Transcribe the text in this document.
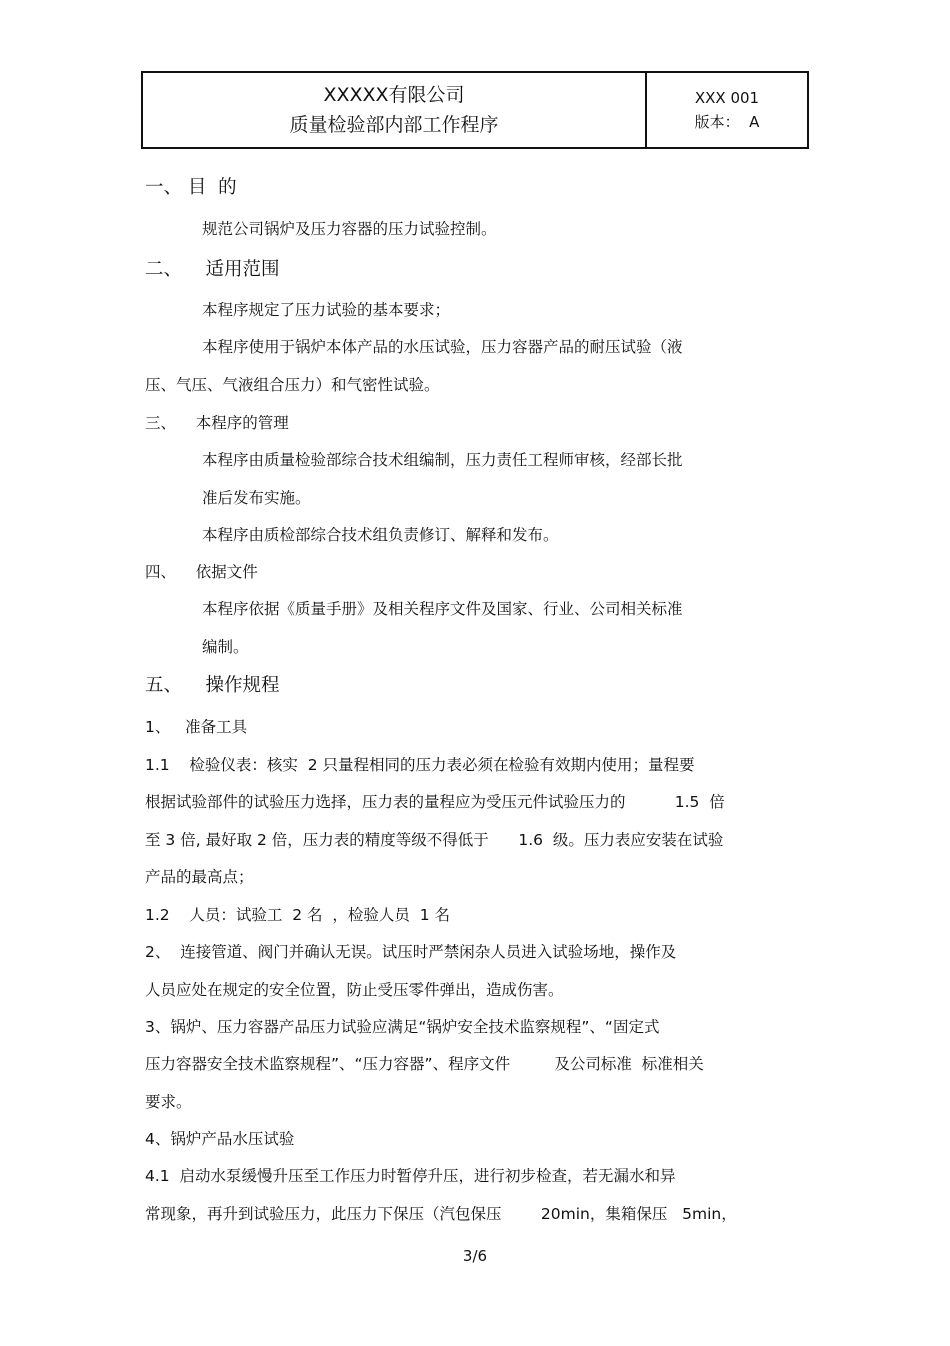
XXXXX有限公司
质量检验部内部工作程序
XXX 001
版本： A
一、 目  的
规范公司锅炉及压力容器的压力试验控制。
二、    适用范围
本程序规定了压力试验的基本要求；
本程序使用于锅炉本体产品的水压试验，压力容器产品的耐压试验（液
压、气压、气液组合压力）和气密性试验。
三、    本程序的管理
本程序由质量检验部综合技术组编制，压力责任工程师审核，经部长批
准后发布实施。
本程序由质检部综合技术组负责修订、解释和发布。
四、    依据文件
本程序依据《质量手册》及相关程序文件及国家、行业、公司相关标准
编制。
五、    操作规程
1、   准备工具
1.1    检验仪表：核实  2 只量程相同的压力表必须在检验有效期内使用；量程要
根据试验部件的试验压力选择，压力表的量程应为受压元件试验压力的          1.5  倍
至 3 倍, 最好取 2 倍，压力表的精度等级不得低于      1.6  级。压力表应安装在试验
产品的最高点；
1.2    人员：试验工  2 名  ，检验人员  1 名
2、  连接管道、阀门并确认无误。试压时严禁闲杂人员进入试验场地，操作及
人员应处在规定的安全位置，防止受压零件弹出，造成伤害。
3、锅炉、压力容器产品压力试验应满足“锅炉安全技术监察规程”、“固定式
压力容器安全技术监察规程”、“压力容器”、程序文件         及公司标准  标准相关
要求。
4、锅炉产品水压试验
4.1  启动水泵缓慢升压至工作压力时暂停升压，进行初步检查，若无漏水和异
常现象，再升到试验压力，此压力下保压（汽包保压        20min，集箱保压   5min，
3/6
